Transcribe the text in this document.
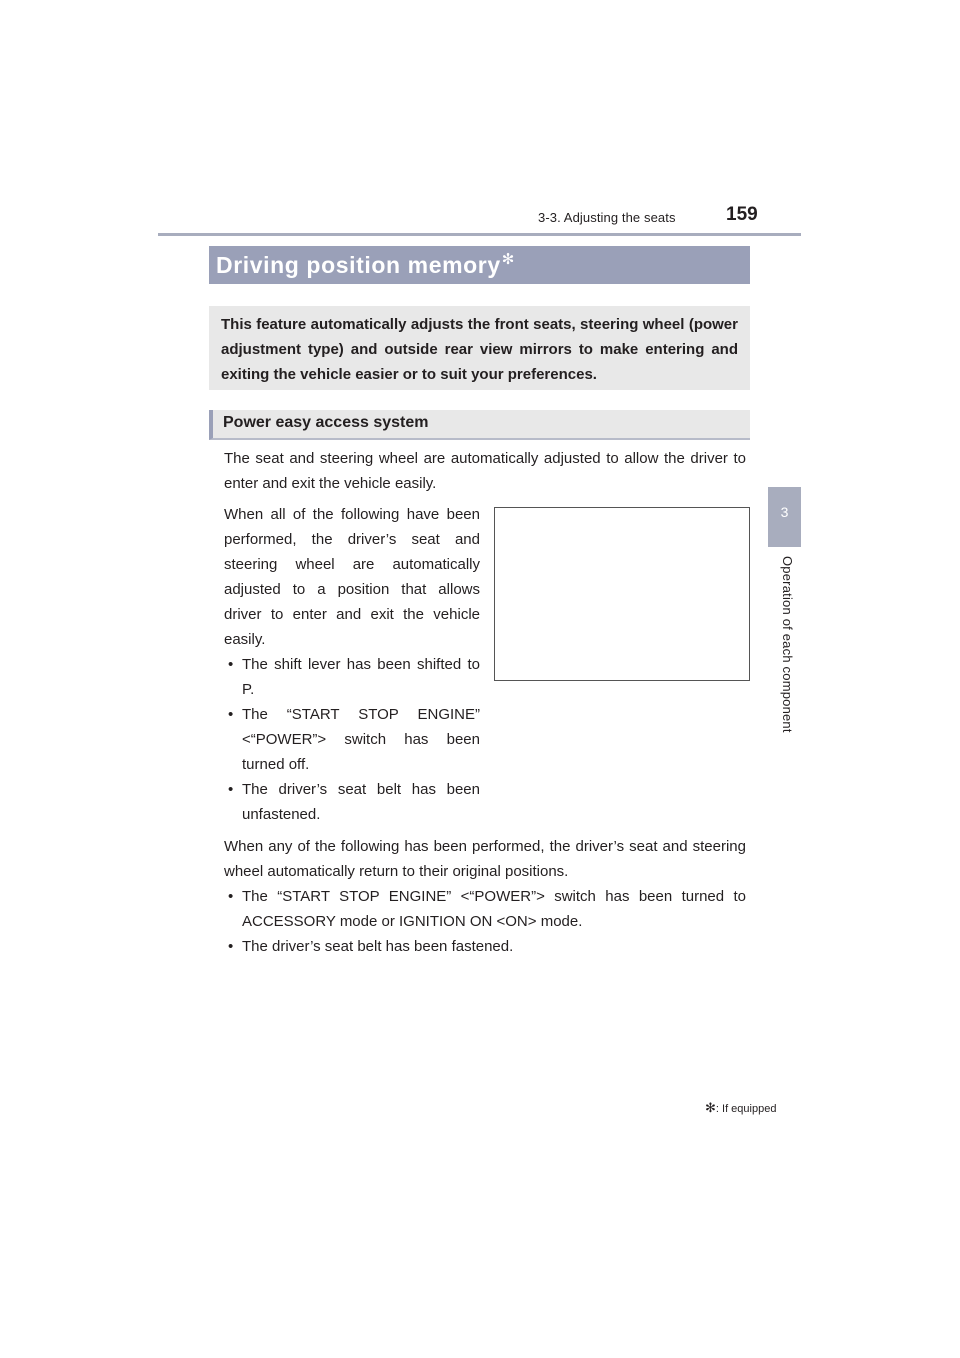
3-3. Adjusting the seats	159
3
Operation of each component
Driving position memory✻
This feature automatically adjusts the front seats, steering wheel (power adjustment type) and outside rear view mirrors to make entering and exiting the vehicle easier or to suit your preferences.
Power easy access system
The seat and steering wheel are automatically adjusted to allow the driver to enter and exit the vehicle easily.
When all of the following have been performed, the driver’s seat and steering wheel are automatically adjusted to a position that allows driver to enter and exit the vehicle easily.
• The shift lever has been shifted to P.
• The “START STOP ENGINE” <“POWER”> switch has been turned off.
• The driver’s seat belt has been unfastened.
When any of the following has been performed, the driver’s seat and steering wheel automatically return to their original positions.
• The “START STOP ENGINE” <“POWER”> switch has been turned to ACCESSORY mode or IGNITION ON <ON> mode.
• The driver’s seat belt has been fastened.
✻: If equipped
